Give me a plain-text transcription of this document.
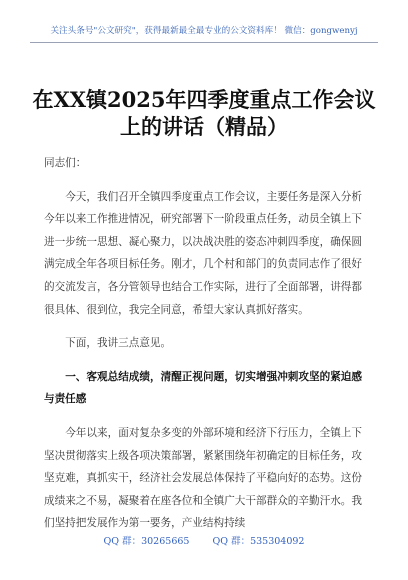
关注头条号"公文研究"，获得最新最全最专业的公文资料库！ 微信：gongwenyj
在XX镇2025年四季度重点工作会议
上的讲话（精品）

同志们：

今天，我们召开全镇四季度重点工作会议，主要任务是深入分析今年以来工作推进情况，研究部署下一阶段重点任务，动员全镇上下进一步统一思想、凝心聚力，以决战决胜的姿态冲刺四季度，确保圆满完成全年各项目标任务。刚才，几个村和部门的负责同志作了很好的交流发言，各分管领导也结合工作实际，进行了全面部署，讲得都很具体、很到位，我完全同意，希望大家认真抓好落实。

下面，我讲三点意见。

一、客观总结成绩，清醒正视问题，切实增强冲刺攻坚的紧迫感与责任感

今年以来，面对复杂多变的外部环境和经济下行压力，全镇上下坚决贯彻落实上级各项决策部署，紧紧围绕年初确定的目标任务，攻坚克难，真抓实干，经济社会发展总体保持了平稳向好的态势。这份成绩来之不易，凝聚着在座各位和全镇广大干部群众的辛勤汗水。我们坚持把发展作为第一要务，产业结构持续

QQ 群：30265665 QQ 群：535304092
